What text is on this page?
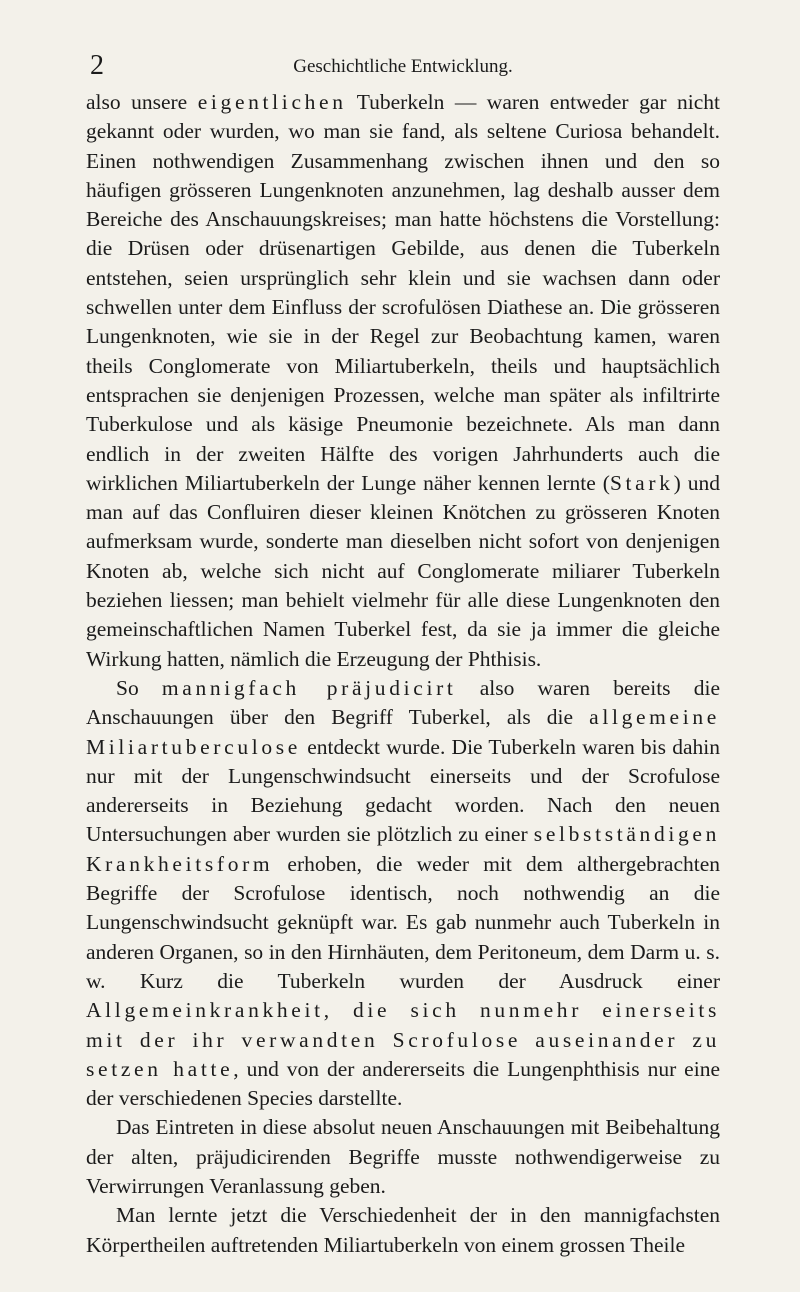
2	Geschichtliche Entwicklung.

also unsere eigentlichen Tuberkeln — waren entweder gar nicht gekannt oder wurden, wo man sie fand, als seltene Curiosa behandelt. Einen nothwendigen Zusammenhang zwischen ihnen und den so häufigen grösseren Lungenknoten anzunehmen, lag deshalb ausser dem Bereiche des Anschauungskreises; man hatte höchstens die Vorstellung: die Drüsen oder drüsenartigen Gebilde, aus denen die Tuberkeln entstehen, seien ursprünglich sehr klein und sie wachsen dann oder schwellen unter dem Einfluss der scrofulösen Diathese an. Die grösseren Lungenknoten, wie sie in der Regel zur Beobachtung kamen, waren theils Conglomerate von Miliartuberkeln, theils und hauptsächlich entsprachen sie denjenigen Prozessen, welche man später als infiltrirte Tuberkulose und als käsige Pneumonie bezeichnete. Als man dann endlich in der zweiten Hälfte des vorigen Jahrhunderts auch die wirklichen Miliartuberkeln der Lunge näher kennen lernte (Stark) und man auf das Confluiren dieser kleinen Knötchen zu grösseren Knoten aufmerksam wurde, sonderte man dieselben nicht sofort von denjenigen Knoten ab, welche sich nicht auf Conglomerate miliarer Tuberkeln beziehen liessen; man behielt vielmehr für alle diese Lungenknoten den gemeinschaftlichen Namen Tuberkel fest, da sie ja immer die gleiche Wirkung hatten, nämlich die Erzeugung der Phthisis.

So mannigfach präjudicirt also waren bereits die Anschauungen über den Begriff Tuberkel, als die allgemeine Miliartuberculose entdeckt wurde. Die Tuberkeln waren bis dahin nur mit der Lungenschwindsucht einerseits und der Scrofulose andererseits in Beziehung gedacht worden. Nach den neuen Untersuchungen aber wurden sie plötzlich zu einer selbstständigen Krankheitsform erhoben, die weder mit dem althergebrachten Begriffe der Scrofulose identisch, noch nothwendig an die Lungenschwindsucht geknüpft war. Es gab nunmehr auch Tuberkeln in anderen Organen, so in den Hirnhäuten, dem Peritoneum, dem Darm u. s. w. Kurz die Tuberkeln wurden der Ausdruck einer Allgemeinkrankheit, die sich nunmehr einerseits mit der ihr verwandten Scrofulose auseinander zu setzen hatte, und von der andererseits die Lungenphthisis nur eine der verschiedenen Species darstellte.

Das Eintreten in diese absolut neuen Anschauungen mit Beibehaltung der alten, präjudicirenden Begriffe musste nothwendigerweise zu Verwirrungen Veranlassung geben.

Man lernte jetzt die Verschiedenheit der in den mannigfachsten Körpertheilen auftretenden Miliartuberkeln von einem grossen Theile
